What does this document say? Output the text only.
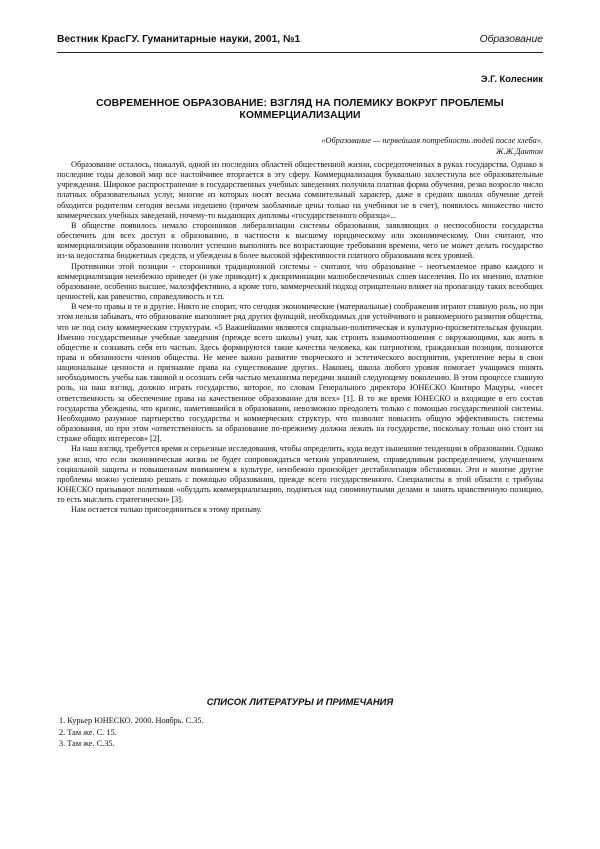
Вестник КрасГУ. Гуманитарные науки, 2001, №1	Образование
Э.Г. Колесник
СОВРЕМЕННОЕ ОБРАЗОВАНИЕ: ВЗГЛЯД НА ПОЛЕМИКУ ВОКРУГ ПРОБЛЕМЫ КОММЕРЦИАЛИЗАЦИИ
«Образование — первейшая потребность людей после хлеба».
Ж.Ж.Дантон

Образование осталось, пожалуй, одной из последних областей общественной жизни, сосредоточенных в руках государства. Однако в последние годы деловой мир все настойчивее вторгается в эту сферу. Коммерциализация буквально захлестнула все образовательные учреждения. Широкое распространение в государственных учебных заведениях получила платная форма обучения, резко возросло число платных образовательных услуг, многие из которых носят весьма сомнительный характер, даже в средних школах обучение детей обходится родителям сегодня весьма недешево (причем заоблачные цены только на учебники не в счет), появилось множество чисто коммерческих учебных заведений, почему-то выдающих дипломы «государственного образца»...

В обществе появилось немало сторонников либерализации системы образования, заявляющих о неспособности государства обеспечить для всех доступ к образованию, в частности к высшему юридическому или экономическому. Они считают, что коммерциализация образования позволит успешно выполнять все возрастающие требования времени, чего не может делать государство из-за недостатка бюджетных средств, и убеждены в более высокой эффективности платного образования всех уровней.

Противники этой позиции - сторонники традиционной системы - считают, что образование - неотъемлемое право каждого и коммерциализация неизбежно приведет (и уже приводит) к дискриминации малообеспеченных слоев населения. По их мнению, платное образование, особенно высшее, малоэффективно, а кроме того, коммерческий подход отрицательно влияет на пропаганду таких всеобщих ценностей, как равенство, справедливость и т.п.

В чем-то правы и те и другие. Никто не спорит, что сегодня экономические (материальные) соображения играют главную роль, но при этом нельзя забывать, что образование выполняет ряд других функций, необходимых для устойчивого и равномерного развития общества, что не под силу коммерческим структурам. «5 Важнейшими являются социально-политическая и культурно-просветительская функции. Именно государственные учебные заведения (прежде всего школы) учат, как строить взаимоотношения с окружающими, как жить в обществе и сознавать себя его частью. Здесь формируются такие качества человека, как патриотизм, гражданская позиция, познаются права и обязанности членов общества. Не менее важно развитие творческого и эстетического восприятия, укрепление веры в свои национальные ценности и признание права на существование других. Наконец, школа любого уровня помогает учащимся понять необходимость учебы как таковой и осознать себя частью механизма передачи знаний следующему поколению. В этом процессе главную роль, на наш взгляд, должно играть государство, которое, по словам Генерального директора ЮНЕСКО Коитиро Мацуры, «несет ответственность за обеспечение права на качественное образование для всех» [1]. В то же время ЮНЕСКО и входящие в его состав государства убеждены, что кризис, наметившийся в образовании, невозможно преодолеть только с помощью государственной системы. Необходимо разумное партнерство государства и коммерческих структур, что позволит повысить общую эффективность системы образования, но при этом «ответственность за образование по-прежнему должна лежать на государстве, поскольку только оно стоит на страже общих интересов» [2].

На наш взгляд, требуется время и серьезные исследования, чтобы определить, куда ведут нынешние тенденции в образовании. Однако уже ясно, что если экономическая жизнь не будет сопровождаться четким управлением, справедливым распределением, улучшением социальной защиты и повышенным вниманием к культуре, неизбежно произойдет дестабилизация обстановки. Эти и многие другие проблемы можно успешно решать с помощью образования, прежде всего государственного. Специалисты в этой области с трибуны ЮНЕСКО призывают политиков «обуздать коммерциализацию, подняться над сиюминутными делами и занять нравственную позицию, то есть мыслить стратегически» [3].

Нам остается только присоединиться к этому призыву.

СПИСОК ЛИТЕРАТУРЫ И ПРИМЕЧАНИЯ
1. Курьер ЮНЕСКО. 2000. Ноябрь. С.35.
2. Там же. С. 15.
3. Там же. С.35.
